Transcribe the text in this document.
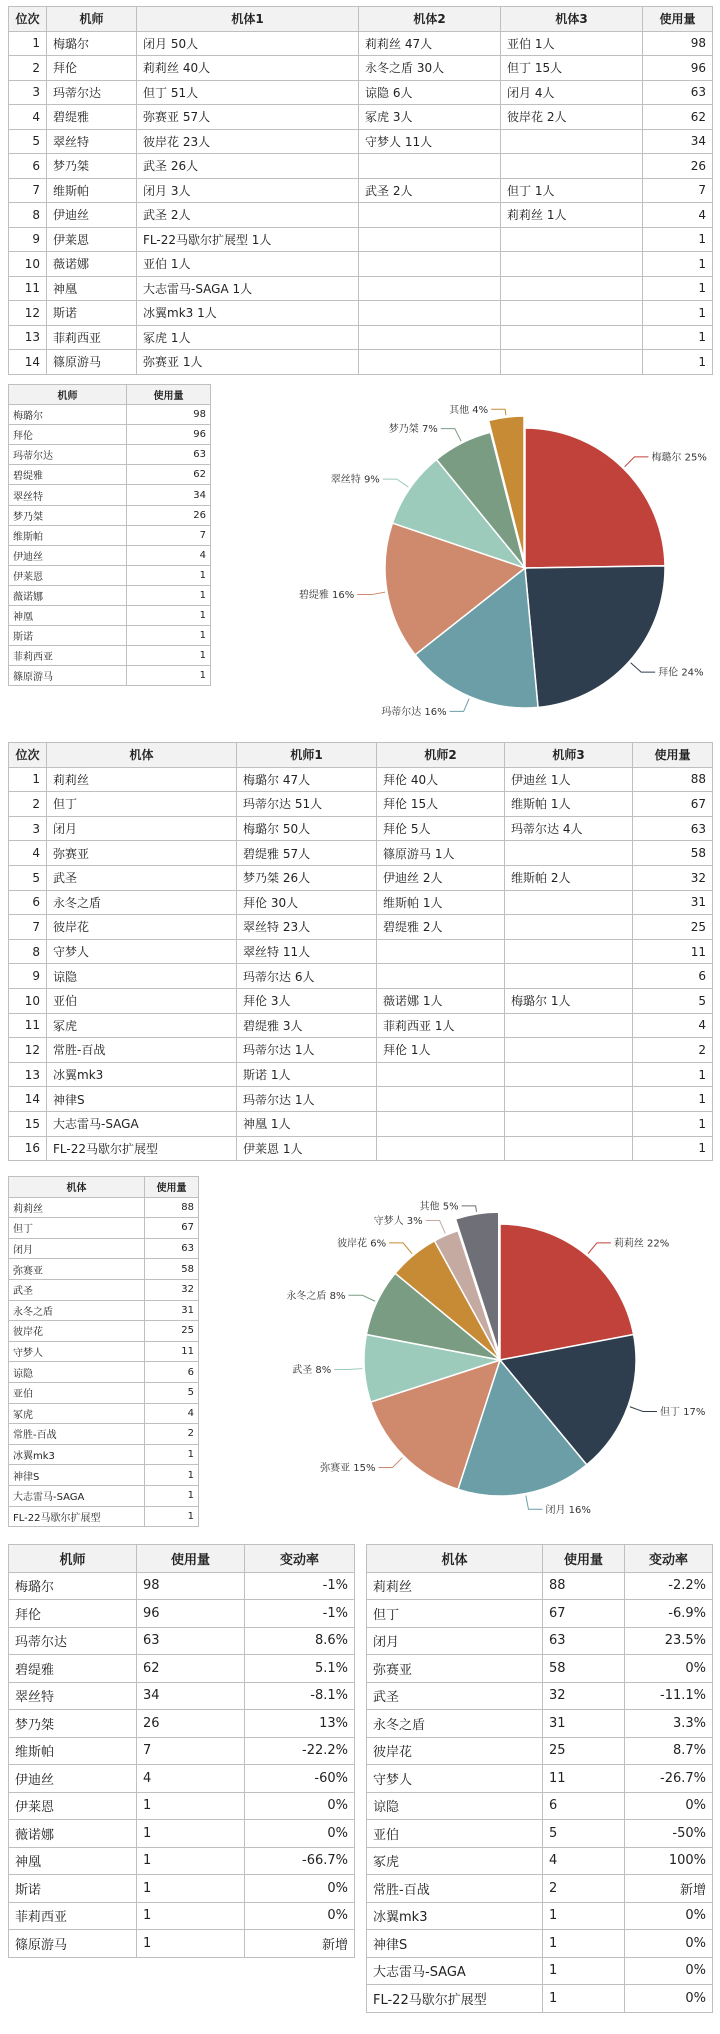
位次	机师	机体1	机体2	机体3	使用量
1	梅璐尔	闭月 50人	莉莉丝 47人	亚伯 1人	98
2	拜伦	莉莉丝 40人	永冬之盾 30人	但丁 15人	96
3	玛蒂尔达	但丁 51人	谅隐 6人	闭月 4人	63
4	碧缇雅	弥赛亚 57人	冢虎 3人	彼岸花 2人	62
5	翠丝特	彼岸花 23人	守梦人 11人		34
6	梦乃桀	武圣 26人			26
7	维斯帕	闭月 3人	武圣 2人	但丁 1人	7
8	伊迪丝	武圣 2人		莉莉丝 1人	4
9	伊莱恩	FL-22马歇尔扩展型 1人			1
10	薇诺娜	亚伯 1人			1
11	神凰	大志雷马-SAGA 1人			1
12	斯诺	冰翼mk3 1人			1
13	菲莉西亚	冢虎 1人			1
14	篠原游马	弥赛亚 1人			1
机师	使用量
梅璐尔	98
拜伦	96
玛蒂尔达	63
碧缇雅	62
翠丝特	34
梦乃桀	26
维斯帕	7
伊迪丝	4
伊莱恩	1
薇诺娜	1
神凰	1
斯诺	1
菲莉西亚	1
篠原游马	1
梅璐尔 25%
拜伦 24%
玛蒂尔达 16%
碧缇雅 16%
翠丝特 9%
梦乃桀 7%
其他 4%
位次	机体	机师1	机师2	机师3	使用量
1	莉莉丝	梅璐尔 47人	拜伦 40人	伊迪丝 1人	88
2	但丁	玛蒂尔达 51人	拜伦 15人	维斯帕 1人	67
3	闭月	梅璐尔 50人	拜伦 5人	玛蒂尔达 4人	63
4	弥赛亚	碧缇雅 57人	篠原游马 1人		58
5	武圣	梦乃桀 26人	伊迪丝 2人	维斯帕 2人	32
6	永冬之盾	拜伦 30人	维斯帕 1人		31
7	彼岸花	翠丝特 23人	碧缇雅 2人		25
8	守梦人	翠丝特 11人			11
9	谅隐	玛蒂尔达 6人			6
10	亚伯	拜伦 3人	薇诺娜 1人	梅璐尔 1人	5
11	冢虎	碧缇雅 3人	菲莉西亚 1人		4
12	常胜-百战	玛蒂尔达 1人	拜伦 1人		2
13	冰翼mk3	斯诺 1人			1
14	神律S	玛蒂尔达 1人			1
15	大志雷马-SAGA	神凰 1人			1
16	FL-22马歇尔扩展型	伊莱恩 1人			1
机体	使用量
莉莉丝	88
但丁	67
闭月	63
弥赛亚	58
武圣	32
永冬之盾	31
彼岸花	25
守梦人	11
谅隐	6
亚伯	5
冢虎	4
常胜-百战	2
冰翼mk3	1
神律S	1
大志雷马-SAGA	1
FL-22马歇尔扩展型	1
莉莉丝 22%
但丁 17%
闭月 16%
弥赛亚 15%
武圣 8%
永冬之盾 8%
彼岸花 6%
守梦人 3%
其他 5%
机师	使用量	变动率
梅璐尔	98	-1%
拜伦	96	-1%
玛蒂尔达	63	8.6%
碧缇雅	62	5.1%
翠丝特	34	-8.1%
梦乃桀	26	13%
维斯帕	7	-22.2%
伊迪丝	4	-60%
伊莱恩	1	0%
薇诺娜	1	0%
神凰	1	-66.7%
斯诺	1	0%
菲莉西亚	1	0%
篠原游马	1	新增
机体	使用量	变动率
莉莉丝	88	-2.2%
但丁	67	-6.9%
闭月	63	23.5%
弥赛亚	58	0%
武圣	32	-11.1%
永冬之盾	31	3.3%
彼岸花	25	8.7%
守梦人	11	-26.7%
谅隐	6	0%
亚伯	5	-50%
冢虎	4	100%
常胜-百战	2	新增
冰翼mk3	1	0%
神律S	1	0%
大志雷马-SAGA	1	0%
FL-22马歇尔扩展型	1	0%
